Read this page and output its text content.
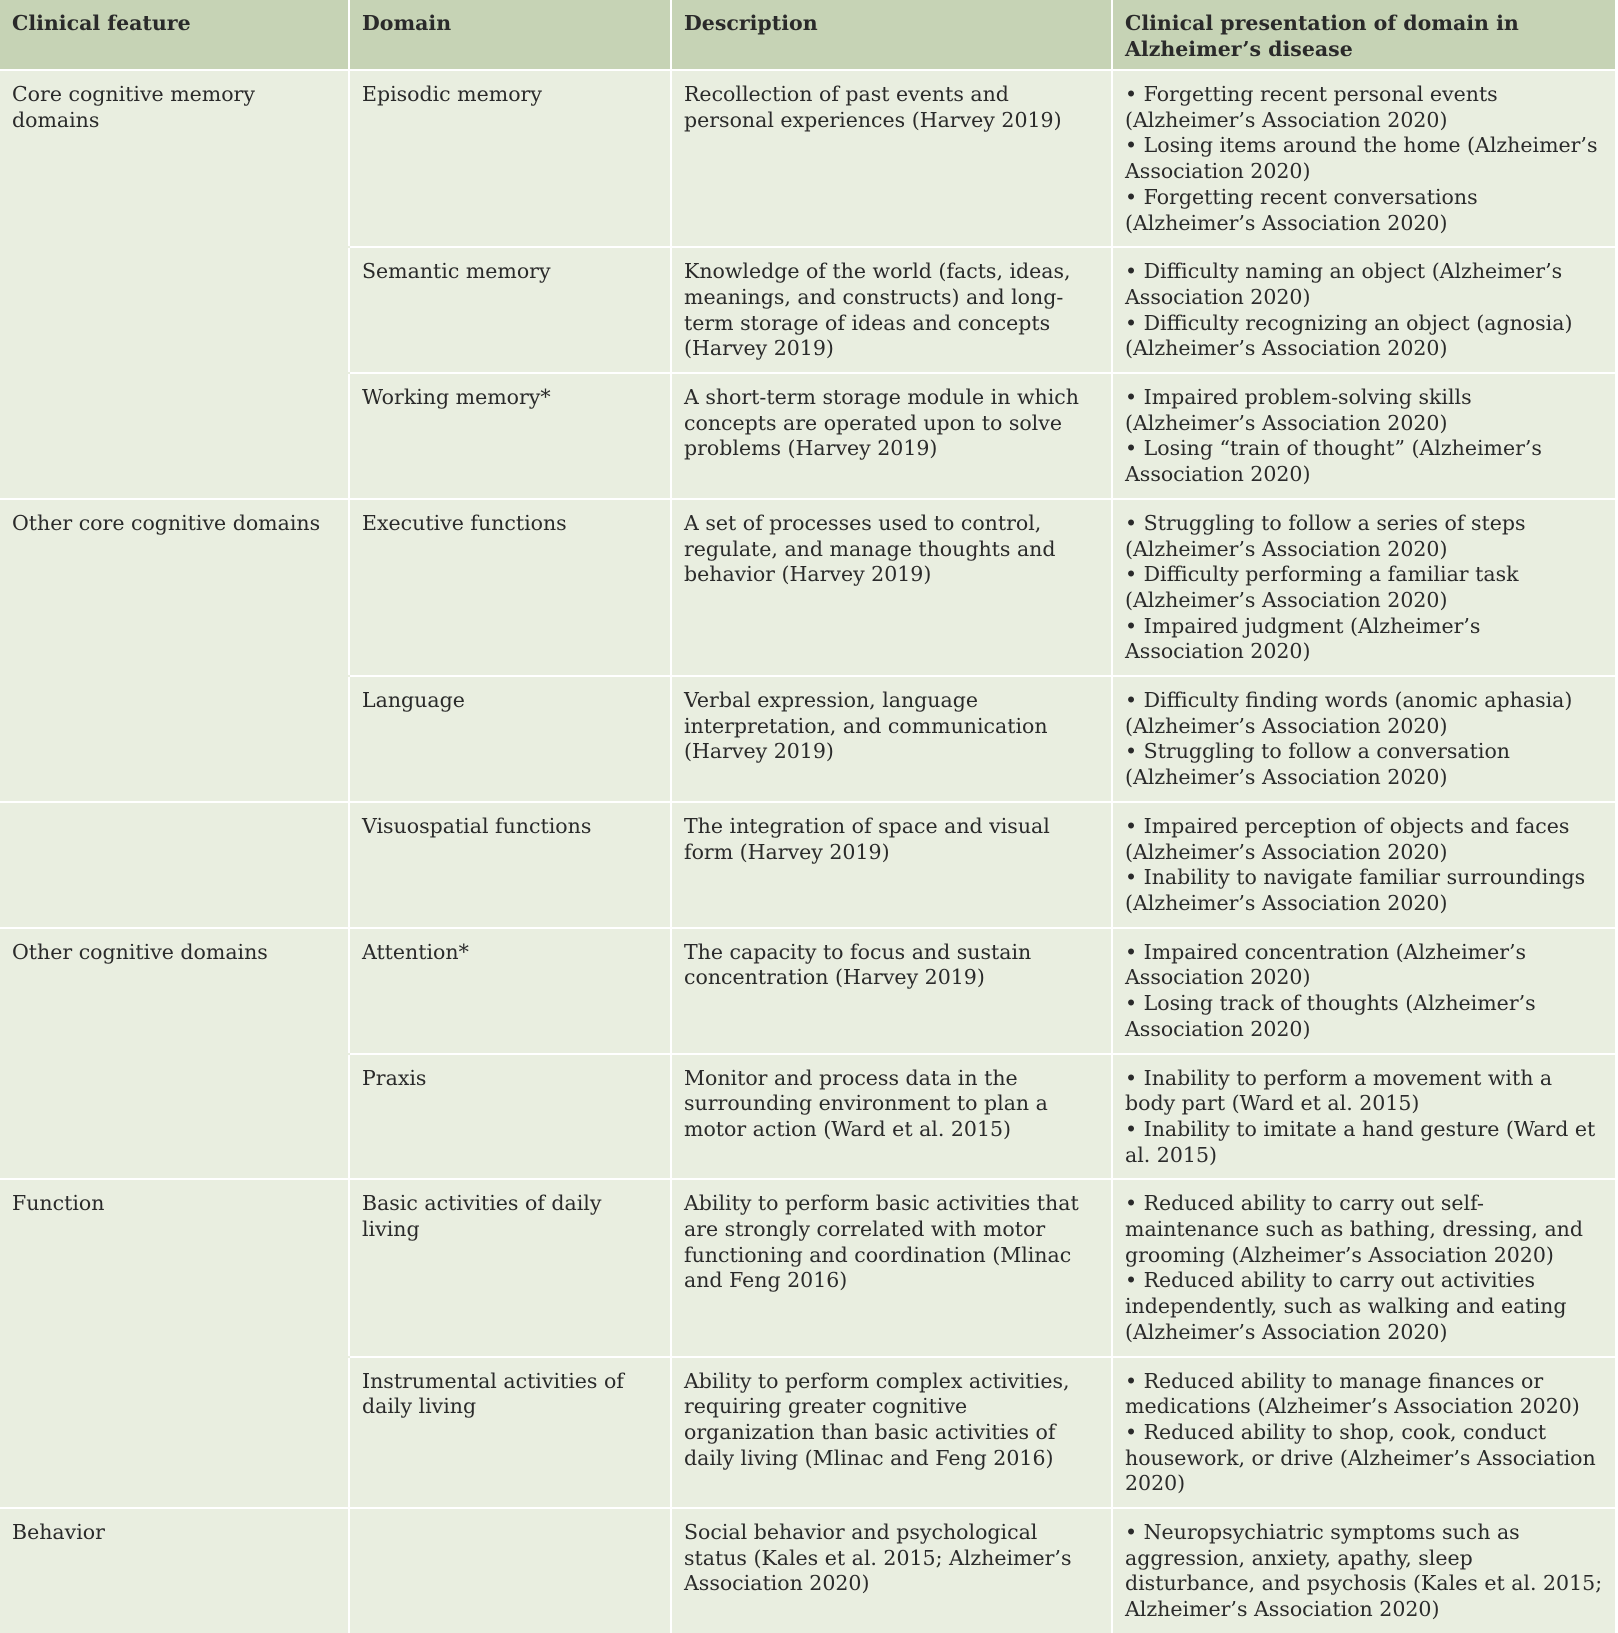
Clinical feature	Domain	Description	Clinical presentation of domain in Alzheimer’s disease
Core cognitive memory domains	Episodic memory	Recollection of past events and personal experiences (Harvey 2019)	• Forgetting recent personal events (Alzheimer’s Association 2020)
• Losing items around the home (Alzheimer’s Association 2020)
• Forgetting recent conversations (Alzheimer’s Association 2020)

	Semantic memory	Knowledge of the world (facts, ideas, meanings, and constructs) and long-term storage of ideas and concepts (Harvey 2019)	• Difficulty naming an object (Alzheimer’s Association 2020)
• Difficulty recognizing an object (agnosia) (Alzheimer’s Association 2020)

	Working memory*	A short-term storage module in which concepts are operated upon to solve problems (Harvey 2019)	• Impaired problem-solving skills (Alzheimer’s Association 2020)
• Losing “train of thought” (Alzheimer’s Association 2020)

Other core cognitive domains	Executive functions	A set of processes used to control, regulate, and manage thoughts and behavior (Harvey 2019)	• Struggling to follow a series of steps (Alzheimer’s Association 2020)
• Difficulty performing a familiar task (Alzheimer’s Association 2020)
• Impaired judgment (Alzheimer’s Association 2020)

	Language	Verbal expression, language interpretation, and communication (Harvey 2019)	• Difficulty finding words (anomic aphasia) (Alzheimer’s Association 2020)
• Struggling to follow a conversation (Alzheimer’s Association 2020)

	Visuospatial functions	The integration of space and visual form (Harvey 2019)	• Impaired perception of objects and faces (Alzheimer’s Association 2020)
• Inability to navigate familiar surroundings (Alzheimer’s Association 2020)

Other cognitive domains	Attention*	The capacity to focus and sustain concentration (Harvey 2019)	• Impaired concentration (Alzheimer’s Association 2020)
• Losing track of thoughts (Alzheimer’s Association 2020)

	Praxis	Monitor and process data in the surrounding environment to plan a motor action (Ward et al. 2015)	• Inability to perform a movement with a body part (Ward et al. 2015)
• Inability to imitate a hand gesture (Ward et al. 2015)

Function	Basic activities of daily living	Ability to perform basic activities that are strongly correlated with motor functioning and coordination (Mlinac and Feng 2016)	• Reduced ability to carry out self-maintenance such as bathing, dressing, and grooming (Alzheimer’s Association 2020)
• Reduced ability to carry out activities independently, such as walking and eating (Alzheimer’s Association 2020)

	Instrumental activities of daily living	Ability to perform complex activities, requiring greater cognitive organization than basic activities of daily living (Mlinac and Feng 2016)	• Reduced ability to manage finances or medications (Alzheimer’s Association 2020)
• Reduced ability to shop, cook, conduct housework, or drive (Alzheimer’s Association 2020)

Behavior		Social behavior and psychological status (Kales et al. 2015; Alzheimer’s Association 2020)	• Neuropsychiatric symptoms such as aggression, anxiety, apathy, sleep disturbance, and psychosis (Kales et al. 2015; Alzheimer’s Association 2020)
